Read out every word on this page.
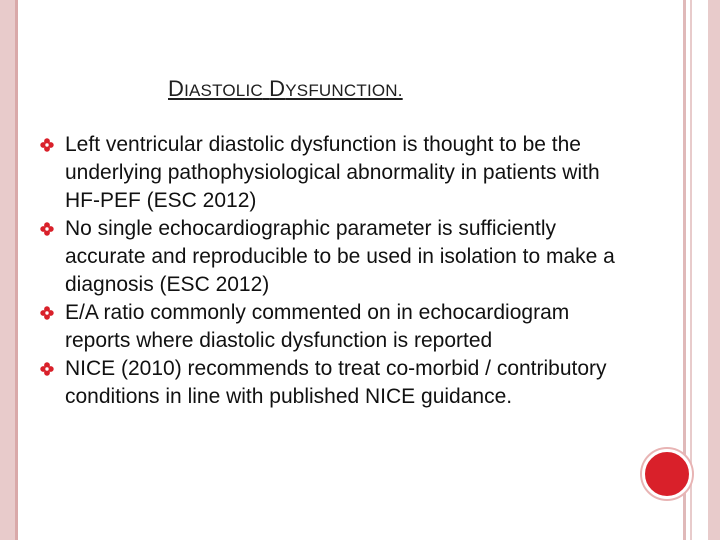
DIASTOLIC DYSFUNCTION.
Left ventricular diastolic dysfunction is thought to be the underlying pathophysiological abnormality in patients with HF-PEF (ESC 2012)
No single echocardiographic parameter is sufficiently accurate and reproducible to be used in isolation to make a diagnosis (ESC 2012)
E/A ratio commonly commented on in echocardiogram reports where diastolic dysfunction is reported
NICE (2010) recommends to treat co-morbid / contributory conditions in line with published NICE guidance.
